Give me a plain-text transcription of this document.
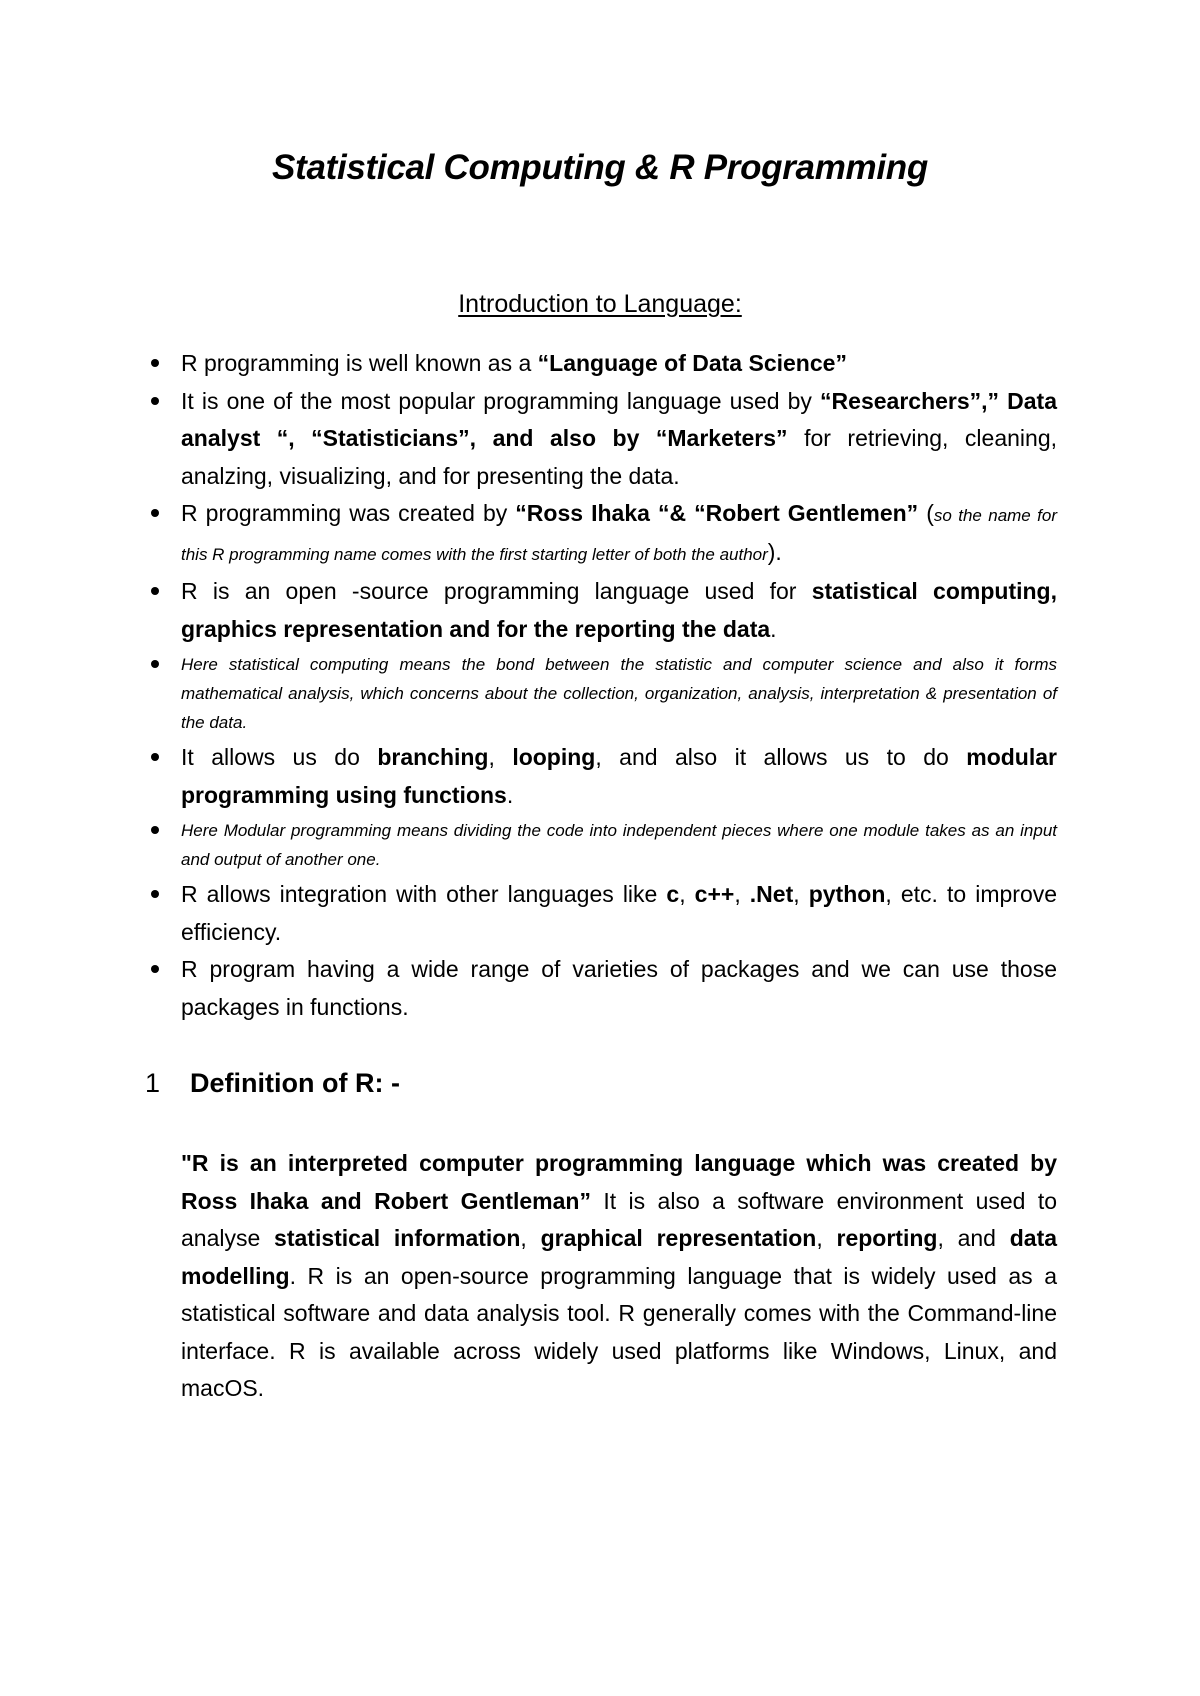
Statistical Computing & R Programming
Introduction to Language:
R programming is well known as a “Language of Data Science”
It is one of the most popular programming language used by “Researchers”,” Data analyst “, “Statisticians”, and also by “Marketers” for retrieving, cleaning, analzing, visualizing, and for presenting the data.
R programming was created by “Ross Ihaka “& “Robert Gentlemen” (so the name for this R programming name comes with the first starting letter of both the author).
R is an open -source programming language used for statistical computing, graphics representation and for the reporting the data.
Here statistical computing means the bond between the statistic and computer science and also it forms mathematical analysis, which concerns about the collection, organization, analysis, interpretation & presentation of the data.
It allows us do branching, looping, and also it allows us to do modular programming using functions.
Here Modular programming means dividing the code into independent pieces where one module takes as an input and output of another one.
R allows integration with other languages like c, c++, .Net, python, etc. to improve efficiency.
R program having a wide range of varieties of packages and we can use those packages in functions.
1 Definition of R: -
"R is an interpreted computer programming language which was created by Ross Ihaka and Robert Gentleman” It is also a software environment used to analyse statistical information, graphical representation, reporting, and data modelling. R is an open-source programming language that is widely used as a statistical software and data analysis tool. R generally comes with the Command-line interface. R is available across widely used platforms like Windows, Linux, and macOS.
